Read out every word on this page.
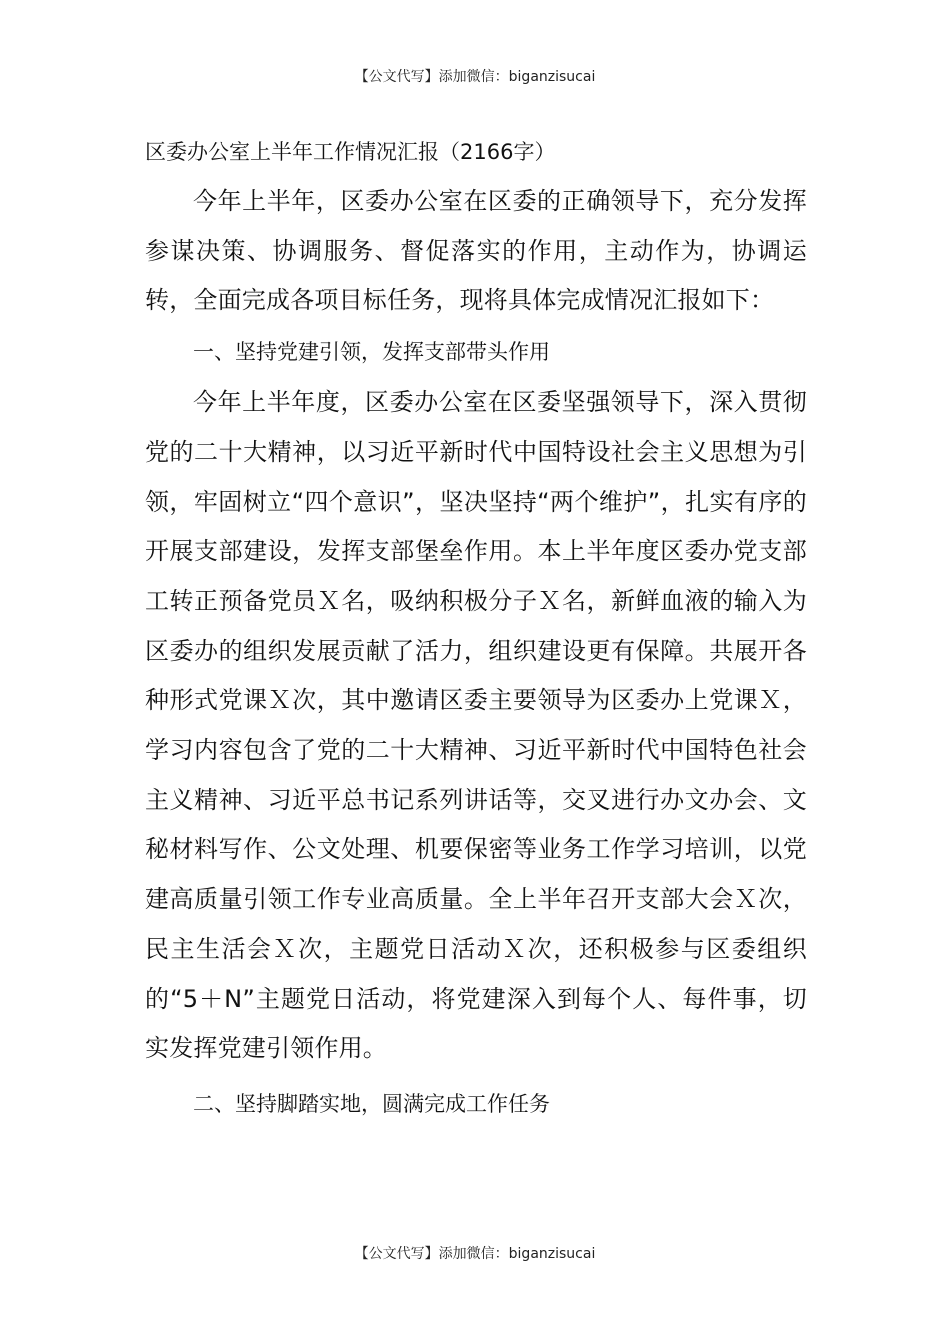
【公文代写】添加微信：biganzisucai

区委办公室上半年工作情况汇报（2166字）

今年上半年，区委办公室在区委的正确领导下，充分发挥参谋决策、协调服务、督促落实的作用，主动作为，协调运转，全面完成各项目标任务，现将具体完成情况汇报如下：

一、坚持党建引领，发挥支部带头作用

今年上半年度，区委办公室在区委坚强领导下，深入贯彻党的二十大精神，以习近平新时代中国特设社会主义思想为引领，牢固树立“四个意识”，坚决坚持“两个维护”，扎实有序的开展支部建设，发挥支部堡垒作用。本上半年度区委办党支部工转正预备党员Ｘ名，吸纳积极分子Ｘ名，新鲜血液的输入为区委办的组织发展贡献了活力，组织建设更有保障。共展开各种形式党课Ｘ次，其中邀请区委主要领导为区委办上党课Ｘ，学习内容包含了党的二十大精神、习近平新时代中国特色社会主义精神、习近平总书记系列讲话等，交叉进行办文办会、文秘材料写作、公文处理、机要保密等业务工作学习培训，以党建高质量引领工作专业高质量。全上半年召开支部大会Ｘ次，民主生活会Ｘ次，主题党日活动Ｘ次，还积极参与区委组织的“5＋N”主题党日活动，将党建深入到每个人、每件事，切实发挥党建引领作用。

二、坚持脚踏实地，圆满完成工作任务

【公文代写】添加微信：biganzisucai
